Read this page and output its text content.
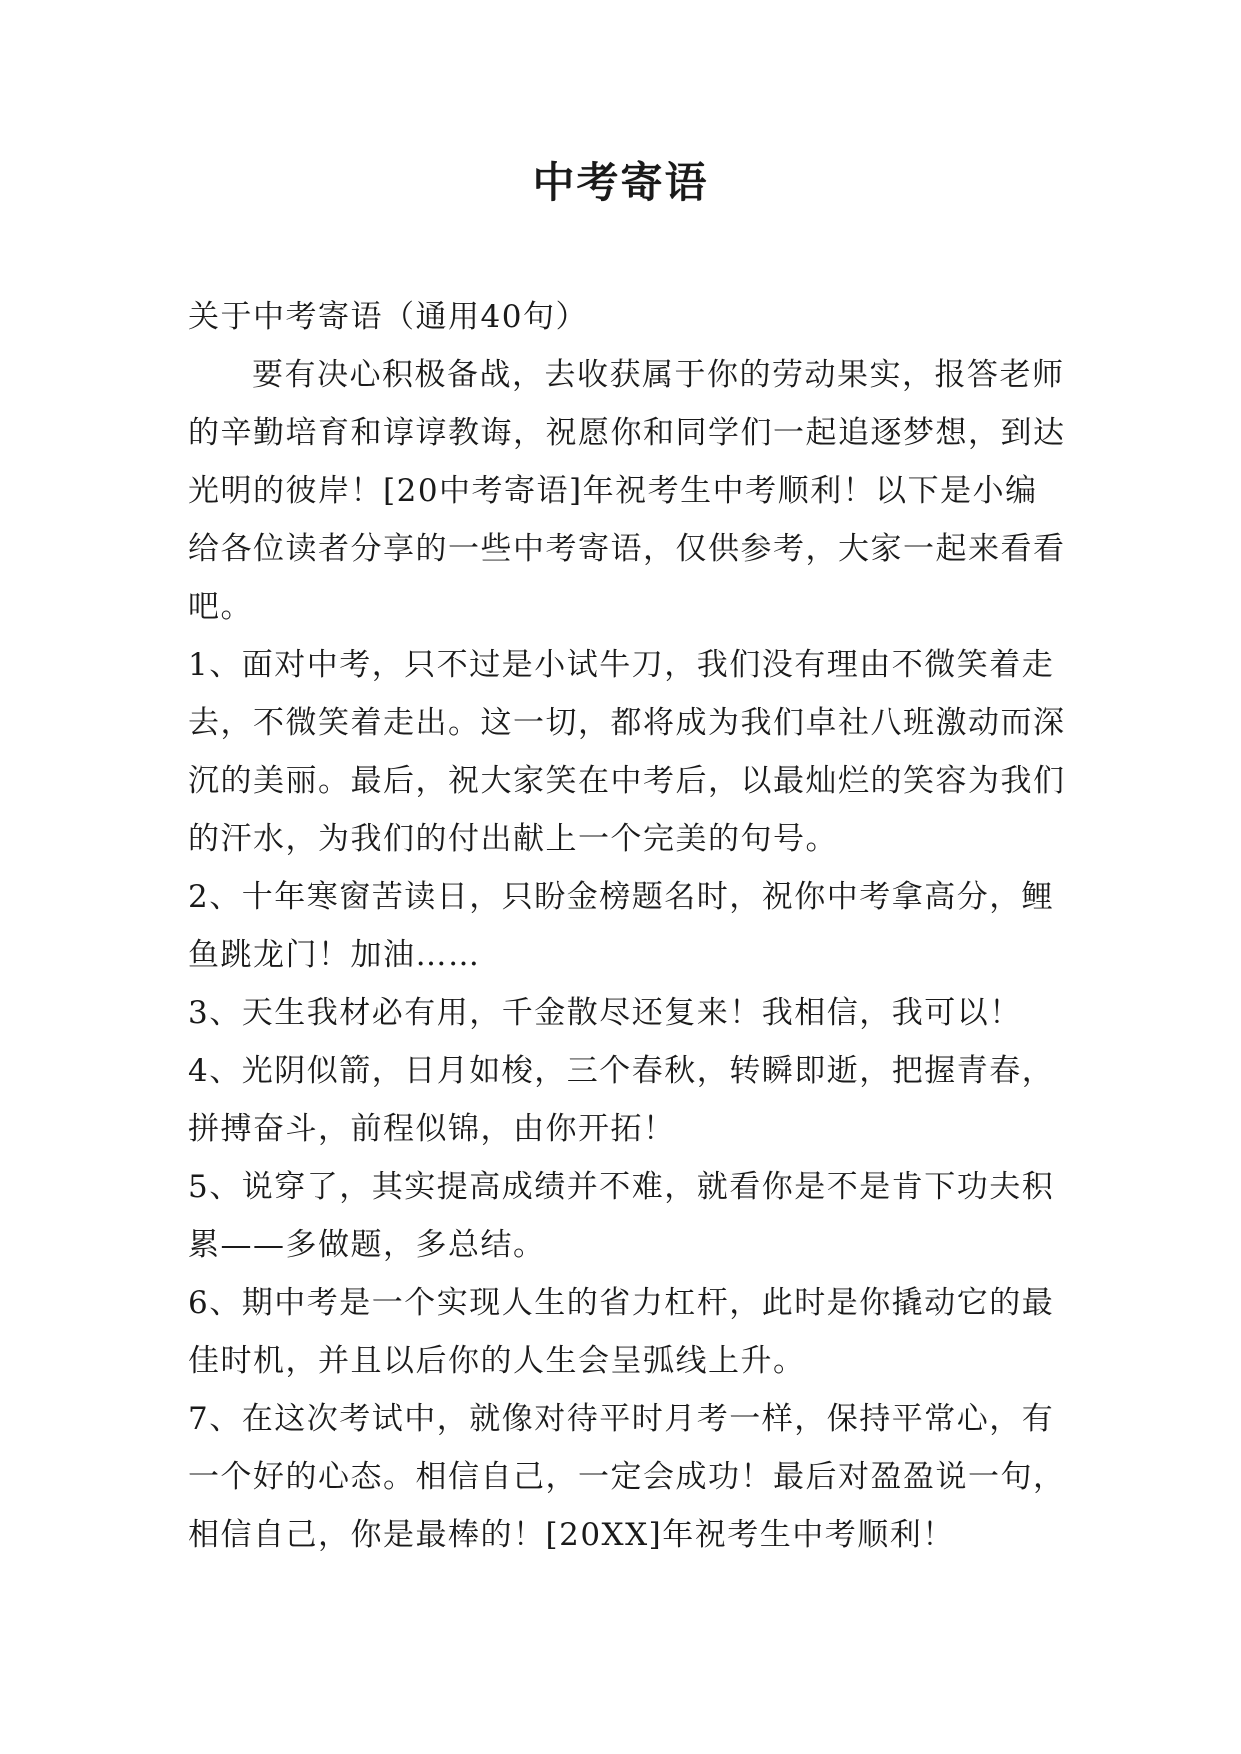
中考寄语

关于中考寄语（通用40句）

要有决心积极备战，去收获属于你的劳动果实，报答老师的辛勤培育和谆谆教诲，祝愿你和同学们一起追逐梦想，到达光明的彼岸！[20中考寄语]年祝考生中考顺利！以下是小编给各位读者分享的一些中考寄语，仅供参考，大家一起来看看吧。

1、面对中考，只不过是小试牛刀，我们没有理由不微笑着走去，不微笑着走出。这一切，都将成为我们卓社八班激动而深沉的美丽。最后，祝大家笑在中考后，以最灿烂的笑容为我们的汗水，为我们的付出献上一个完美的句号。

2、十年寒窗苦读日，只盼金榜题名时，祝你中考拿高分，鲤鱼跳龙门！加油……

3、天生我材必有用，千金散尽还复来！我相信，我可以！

4、光阴似箭，日月如梭，三个春秋，转瞬即逝，把握青春，拼搏奋斗，前程似锦，由你开拓！

5、说穿了，其实提高成绩并不难，就看你是不是肯下功夫积累——多做题，多总结。

6、期中考是一个实现人生的省力杠杆，此时是你撬动它的最佳时机，并且以后你的人生会呈弧线上升。

7、在这次考试中，就像对待平时月考一样，保持平常心，有一个好的心态。相信自己，一定会成功！最后对盈盈说一句，相信自己，你是最棒的！[20XX]年祝考生中考顺利！
